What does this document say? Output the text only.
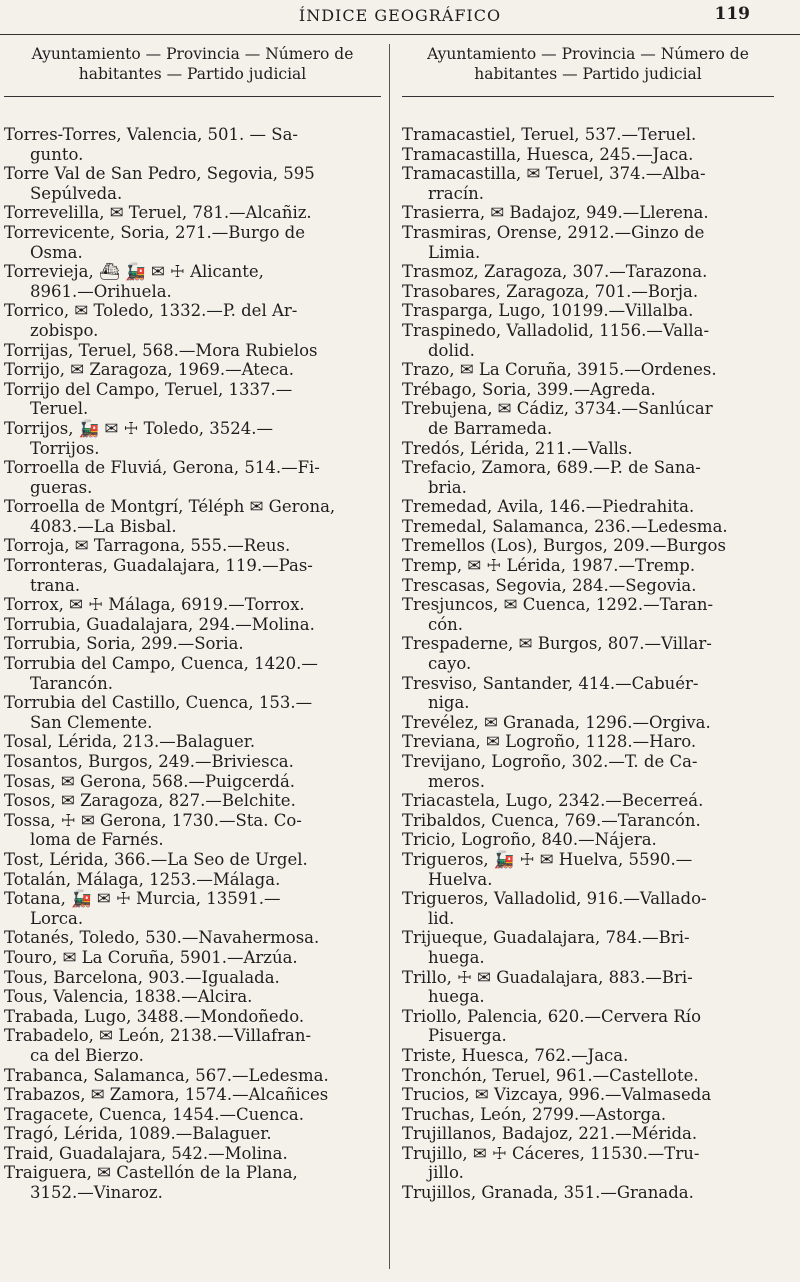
ÍNDICE GEOGRÁFICO	119
Ayuntamiento — Provincia — Número de
habitantes — Partido judicial
Torres-Torres, Valencia, 501. — Sa-
gunto.
Torre Val de San Pedro, Segovia, 595
Sepúlveda.
Torrevelilla, ✉ Teruel, 781.—Alcañiz.
Torrevicente, Soria, 271.—Burgo de
Osma.
Torrevieja, ⛴ 🚂 ✉ ☩ Alicante,
8961.—Orihuela.
Torrico, ✉ Toledo, 1332.—P. del Ar-
zobispo.
Torrijas, Teruel, 568.—Mora Rubielos
Torrijo, ✉ Zaragoza, 1969.—Ateca.
Torrijo del Campo, Teruel, 1337.—
Teruel.
Torrijos, 🚂 ✉ ☩ Toledo, 3524.—
Torrijos.
Torroella de Fluviá, Gerona, 514.—Fi-
gueras.
Torroella de Montgrí, Téléph ✉ Gerona,
4083.—La Bisbal.
Torroja, ✉ Tarragona, 555.—Reus.
Torronteras, Guadalajara, 119.—Pas-
trana.
Torrox, ✉ ☩ Málaga, 6919.—Torrox.
Torrubia, Guadalajara, 294.—Molina.
Torrubia, Soria, 299.—Soria.
Torrubia del Campo, Cuenca, 1420.—
Tarancón.
Torrubia del Castillo, Cuenca, 153.—
San Clemente.
Tosal, Lérida, 213.—Balaguer.
Tosantos, Burgos, 249.—Briviesca.
Tosas, ✉ Gerona, 568.—Puigcerdá.
Tosos, ✉ Zaragoza, 827.—Belchite.
Tossa, ☩ ✉ Gerona, 1730.—Sta. Co-
loma de Farnés.
Tost, Lérida, 366.—La Seo de Urgel.
Totalán, Málaga, 1253.—Málaga.
Totana, 🚂 ✉ ☩ Murcia, 13591.—
Lorca.
Totanés, Toledo, 530.—Navahermosa.
Touro, ✉ La Coruña, 5901.—Arzúa.
Tous, Barcelona, 903.—Igualada.
Tous, Valencia, 1838.—Alcira.
Trabada, Lugo, 3488.—Mondoñedo.
Trabadelo, ✉ León, 2138.—Villafran-
ca del Bierzo.
Trabanca, Salamanca, 567.—Ledesma.
Trabazos, ✉ Zamora, 1574.—Alcañices
Tragacete, Cuenca, 1454.—Cuenca.
Tragó, Lérida, 1089.—Balaguer.
Traid, Guadalajara, 542.—Molina.
Traiguera, ✉ Castellón de la Plana,
3152.—Vinaroz.
Ayuntamiento — Provincia — Número de
habitantes — Partido judicial
Tramacastiel, Teruel, 537.—Teruel.
Tramacastilla, Huesca, 245.—Jaca.
Tramacastilla, ✉ Teruel, 374.—Alba-
rracín.
Trasierra, ✉ Badajoz, 949.—Llerena.
Trasmiras, Orense, 2912.—Ginzo de
Limia.
Trasmoz, Zaragoza, 307.—Tarazona.
Trasobares, Zaragoza, 701.—Borja.
Trasparga, Lugo, 10199.—Villalba.
Traspinedo, Valladolid, 1156.—Valla-
dolid.
Trazo, ✉ La Coruña, 3915.—Ordenes.
Trébago, Soria, 399.—Agreda.
Trebujena, ✉ Cádiz, 3734.—Sanlúcar
de Barrameda.
Tredós, Lérida, 211.—Valls.
Trefacio, Zamora, 689.—P. de Sana-
bria.
Tremedad, Avila, 146.—Piedrahita.
Tremedal, Salamanca, 236.—Ledesma.
Tremellos (Los), Burgos, 209.—Burgos
Tremp, ✉ ☩ Lérida, 1987.—Tremp.
Trescasas, Segovia, 284.—Segovia.
Tresjuncos, ✉ Cuenca, 1292.—Taran-
cón.
Trespaderne, ✉ Burgos, 807.—Villar-
cayo.
Tresviso, Santander, 414.—Cabuér-
niga.
Trevélez, ✉ Granada, 1296.—Orgiva.
Treviana, ✉ Logroño, 1128.—Haro.
Trevijano, Logroño, 302.—T. de Ca-
meros.
Triacastela, Lugo, 2342.—Becerreá.
Tribaldos, Cuenca, 769.—Tarancón.
Tricio, Logroño, 840.—Nájera.
Trigueros, 🚂 ☩ ✉ Huelva, 5590.—
Huelva.
Trigueros, Valladolid, 916.—Vallado-
lid.
Trijueque, Guadalajara, 784.—Bri-
huega.
Trillo, ☩ ✉ Guadalajara, 883.—Bri-
huega.
Triollo, Palencia, 620.—Cervera Río
Pisuerga.
Triste, Huesca, 762.—Jaca.
Tronchón, Teruel, 961.—Castellote.
Trucios, ✉ Vizcaya, 996.—Valmaseda
Truchas, León, 2799.—Astorga.
Trujillanos, Badajoz, 221.—Mérida.
Trujillo, ✉ ☩ Cáceres, 11530.—Tru-
jillo.
Trujillos, Granada, 351.—Granada.
